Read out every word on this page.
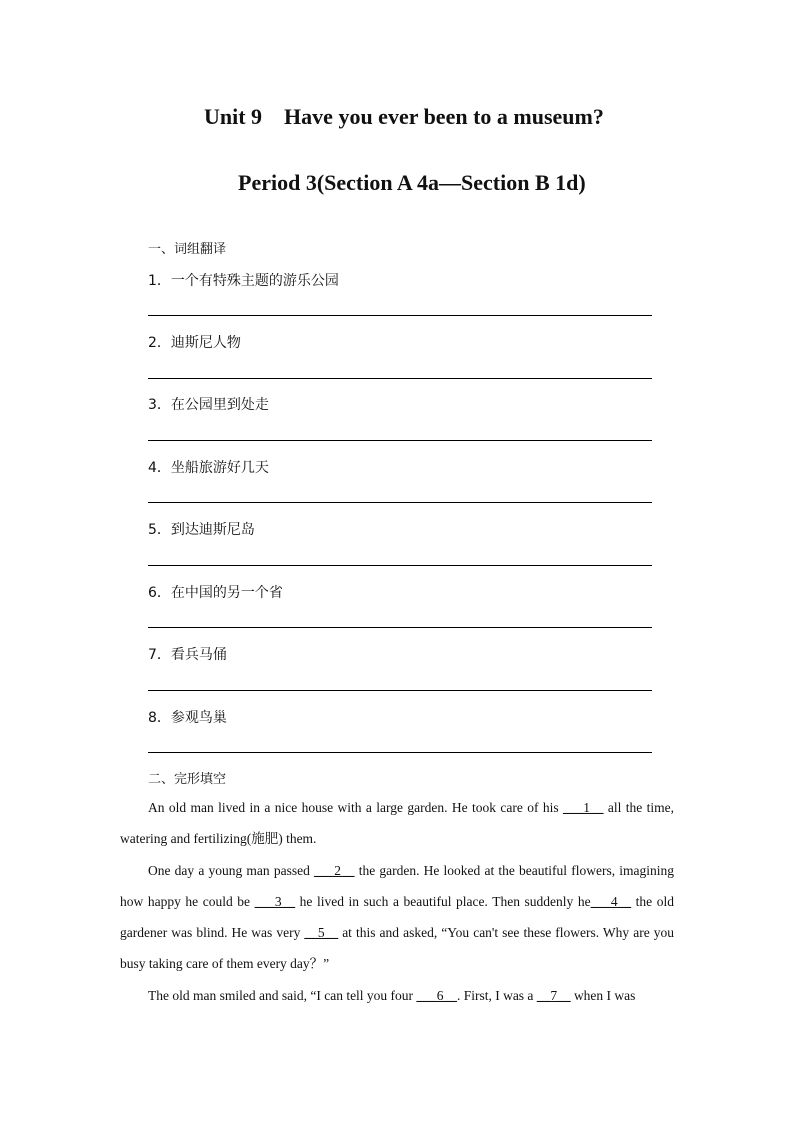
Unit 9    Have you ever been to a museum?
Period 3(Section A 4a—Section B 1d)
一、词组翻译
1．一个有特殊主题的游乐公园
2．迪斯尼人物
3．在公园里到处走
4．坐船旅游好几天
5．到达迪斯尼岛
6．在中国的另一个省
7．看兵马俑
8．参观鸟巢
二、完形填空
An old man lived in a nice house with a large garden. He took care of his ___1__ all the time, watering and fertilizing(施肥) them.
One day a young man passed ___2__ the garden. He looked at the beautiful flowers, imagining how happy he could be ___3__ he lived in such a beautiful place. Then suddenly he___4__ the old gardener was blind. He was very __5__ at this and asked, “You can't see these flowers. Why are you busy taking care of them every day？”
The old man smiled and said, “I can tell you four ___6__. First, I was a __7__ when I was
